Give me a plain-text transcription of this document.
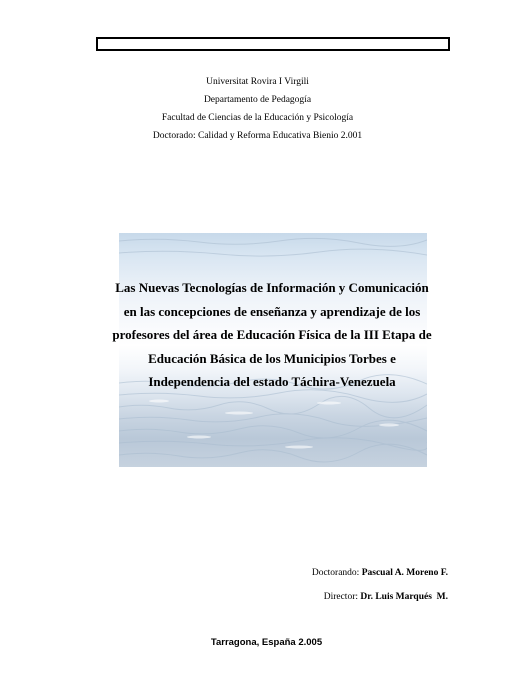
Universitat Rovira I Virgili
Departamento de Pedagogía
Facultad de Ciencias de la Educación y Psicología
Doctorado: Calidad y Reforma Educativa Bienio 2.001
Las Nuevas Tecnologías de Información y Comunicación
en las concepciones de enseñanza y aprendizaje de los
profesores del área de Educación Física de la III Etapa de
Educación Básica de los Municipios Torbes e
Independencia del estado Táchira-Venezuela
Doctorando: Pascual A. Moreno F.
Director: Dr. Luis Marqués  M.
Tarragona, España 2.005
